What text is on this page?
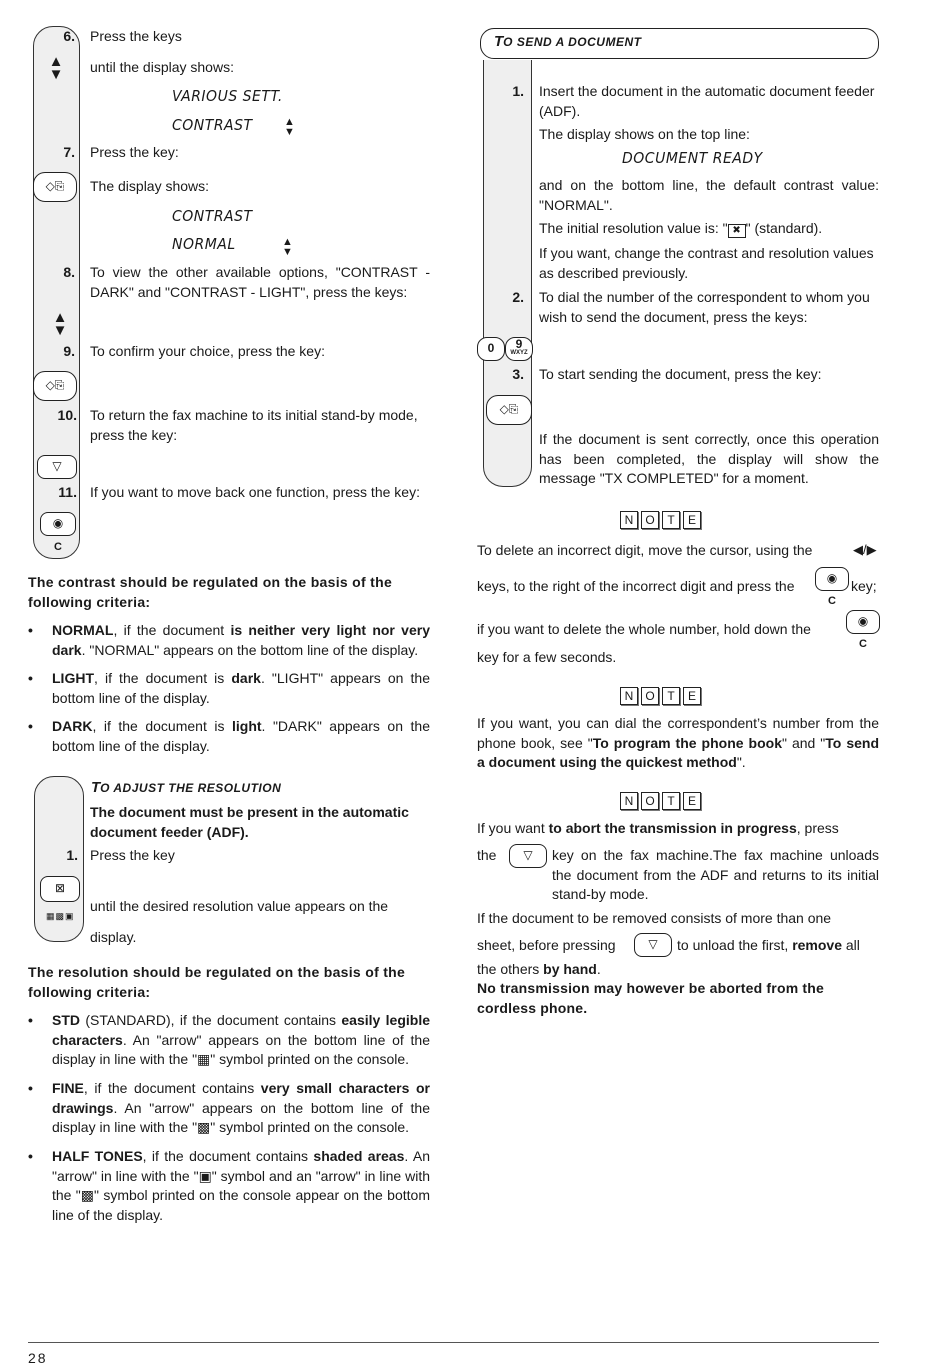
6. Press the keys
▲
▼ until the display shows:
VARIOUS SETT.
CONTRAST	▲
▼
7. Press the key:
◇⎘	The display shows:
CONTRAST
NORMAL	▲
▼
8. To view the other available options, "CONTRAST - DARK" and "CONTRAST - LIGHT", press the keys:
▲
▼
9. To confirm your choice, press the key:
◇⎘
10. To return the fax machine to its initial stand-by mode, press the key:
▽
11. If you want to move back one function, press the key:
◉
C
The contrast should be regulated on the basis of the following criteria:
• NORMAL, if the document is neither very light nor very dark. "NORMAL" appears on the bottom line of the display.
• LIGHT, if the document is dark. "LIGHT" appears on the bottom line of the display.
• DARK, if the document is light. "DARK" appears on the bottom line of the display.
TO ADJUST THE RESOLUTION
The document must be present in the automatic document feeder (ADF).
1. Press the key
⊠
▦▩▣
until the desired resolution value appears on the display.
The resolution should be regulated on the basis of the following criteria:
• STD (STANDARD), if the document contains easily legible characters. An "arrow" appears on the bottom line of the display in line with the "▦" symbol printed on the console.
• FINE, if the document contains very small characters or drawings. An "arrow" appears on the bottom line of the display in line with the "▩" symbol printed on the console.
• HALF TONES, if the document contains shaded areas. An "arrow" in line with the "▣" symbol and an "arrow" in line with the "▩" symbol printed on the console appear on the bottom line of the display.
TO SEND A DOCUMENT
1. Insert the document in the automatic document feeder (ADF).
The display shows on the top line:
DOCUMENT READY
and on the bottom line, the default contrast value: "NORMAL".
The initial resolution value is: " ✖ " (standard).
If you want, change the contrast and resolution values as described previously.
2. To dial the number of the correspondent to whom you wish to send the document, press the keys:
0 9
WXYZ
3. To start sending the document, press the key:
◇⎘
If the document is sent correctly, once this operation has been completed, the display will show the message "TX COMPLETED" for a moment.
N	O	T	E
To delete an incorrect digit, move the cursor, using the	◀/▶
keys, to the right of the incorrect digit and press the	◉
C
key;
if you want to delete the whole number, hold down the	◉
C
key for a few seconds.
N	O	T	E
If you want, you can dial the correspondent’s number from the phone book, see "To program the phone book" and "To send a document using the quickest method".
N	O	T	E
If you want to abort the transmission in progress, press
the	▽	key on the fax machine.The fax machine unloads the document from the ADF and returns to its initial stand-by mode.
If the document to be removed consists of more than one
sheet, before pressing	▽	to unload the first, remove all
the others by hand.
No transmission may however be aborted from the cordless phone.
28
